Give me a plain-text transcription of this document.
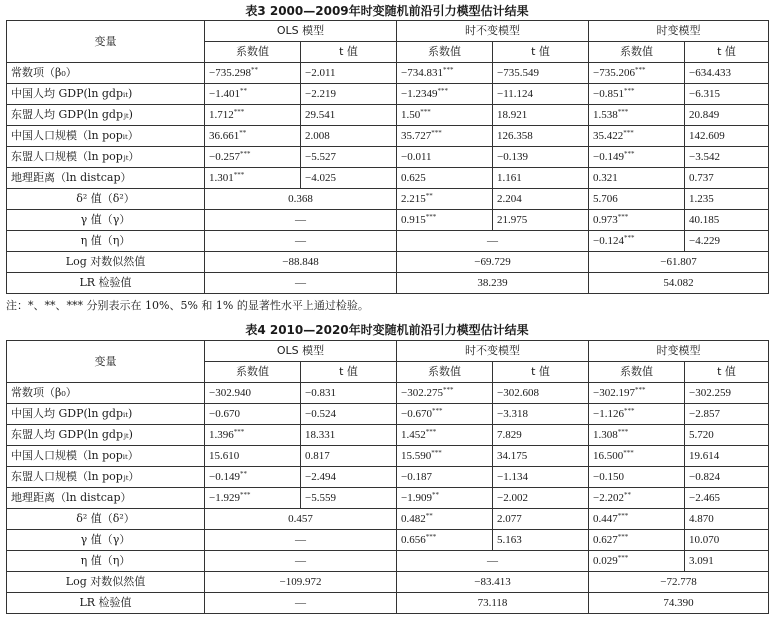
表3 2000—2009年时变随机前沿引力模型估计结果
变量	OLS 模型		时不变模型		时变模型	
	系数值	t 值	系数值	t 值	系数值	t 值
常数项（β₀）	−735.298**	−2.011	−734.831***	−735.549	−735.206***	−634.433
中国人均 GDP(ln gdpᵢₜ)	−1.401**	−2.219	−1.2349***	−11.124	−0.851***	−6.315
东盟人均 GDP(ln gdpⱼₜ)	1.712***	29.541	1.50***	18.921	1.538***	20.849
中国人口规模（ln popᵢₜ）	36.661**	2.008	35.727***	126.358	35.422***	142.609
东盟人口规模（ln popⱼₜ）	−0.257***	−5.527	−0.011	−0.139	−0.149***	−3.542
地理距离（ln distcap）	1.301***	−4.025	0.625	1.161	0.321	0.737
δ² 值（δ²）	0.368		2.215**	2.204	5.706	1.235
γ 值（γ）	—		0.915***	21.975	0.973***	40.185
η 值（η）	—		—		−0.124***	−4.229
Log 对数似然值	−88.848		−69.729		−61.807	
LR 检验值	—		38.239		54.082	
注：*、**、*** 分别表示在 10%、5% 和 1% 的显著性水平上通过检验。
表4 2010—2020年时变随机前沿引力模型估计结果
变量	OLS 模型		时不变模型		时变模型	
	系数值	t 值	系数值	t 值	系数值	t 值
常数项（β₀）	−302.940	−0.831	−302.275***	−302.608	−302.197***	−302.259
中国人均 GDP(ln gdpᵢₜ)	−0.670	−0.524	−0.670***	−3.318	−1.126***	−2.857
东盟人均 GDP(ln gdpⱼₜ)	1.396***	18.331	1.452***	7.829	1.308***	5.720
中国人口规模（ln popᵢₜ）	15.610	0.817	15.590***	34.175	16.500***	19.614
东盟人口规模（ln popⱼₜ）	−0.149**	−2.494	−0.187	−1.134	−0.150	−0.824
地理距离（ln distcap）	−1.929***	−5.559	−1.909**	−2.002	−2.202**	−2.465
δ² 值（δ²）	0.457		0.482**	2.077	0.447***	4.870
γ 值（γ）	—		0.656***	5.163	0.627***	10.070
η 值（η）	—		—		0.029***	3.091
Log 对数似然值	−109.972		−83.413		−72.778	
LR 检验值	—		73.118		74.390	
